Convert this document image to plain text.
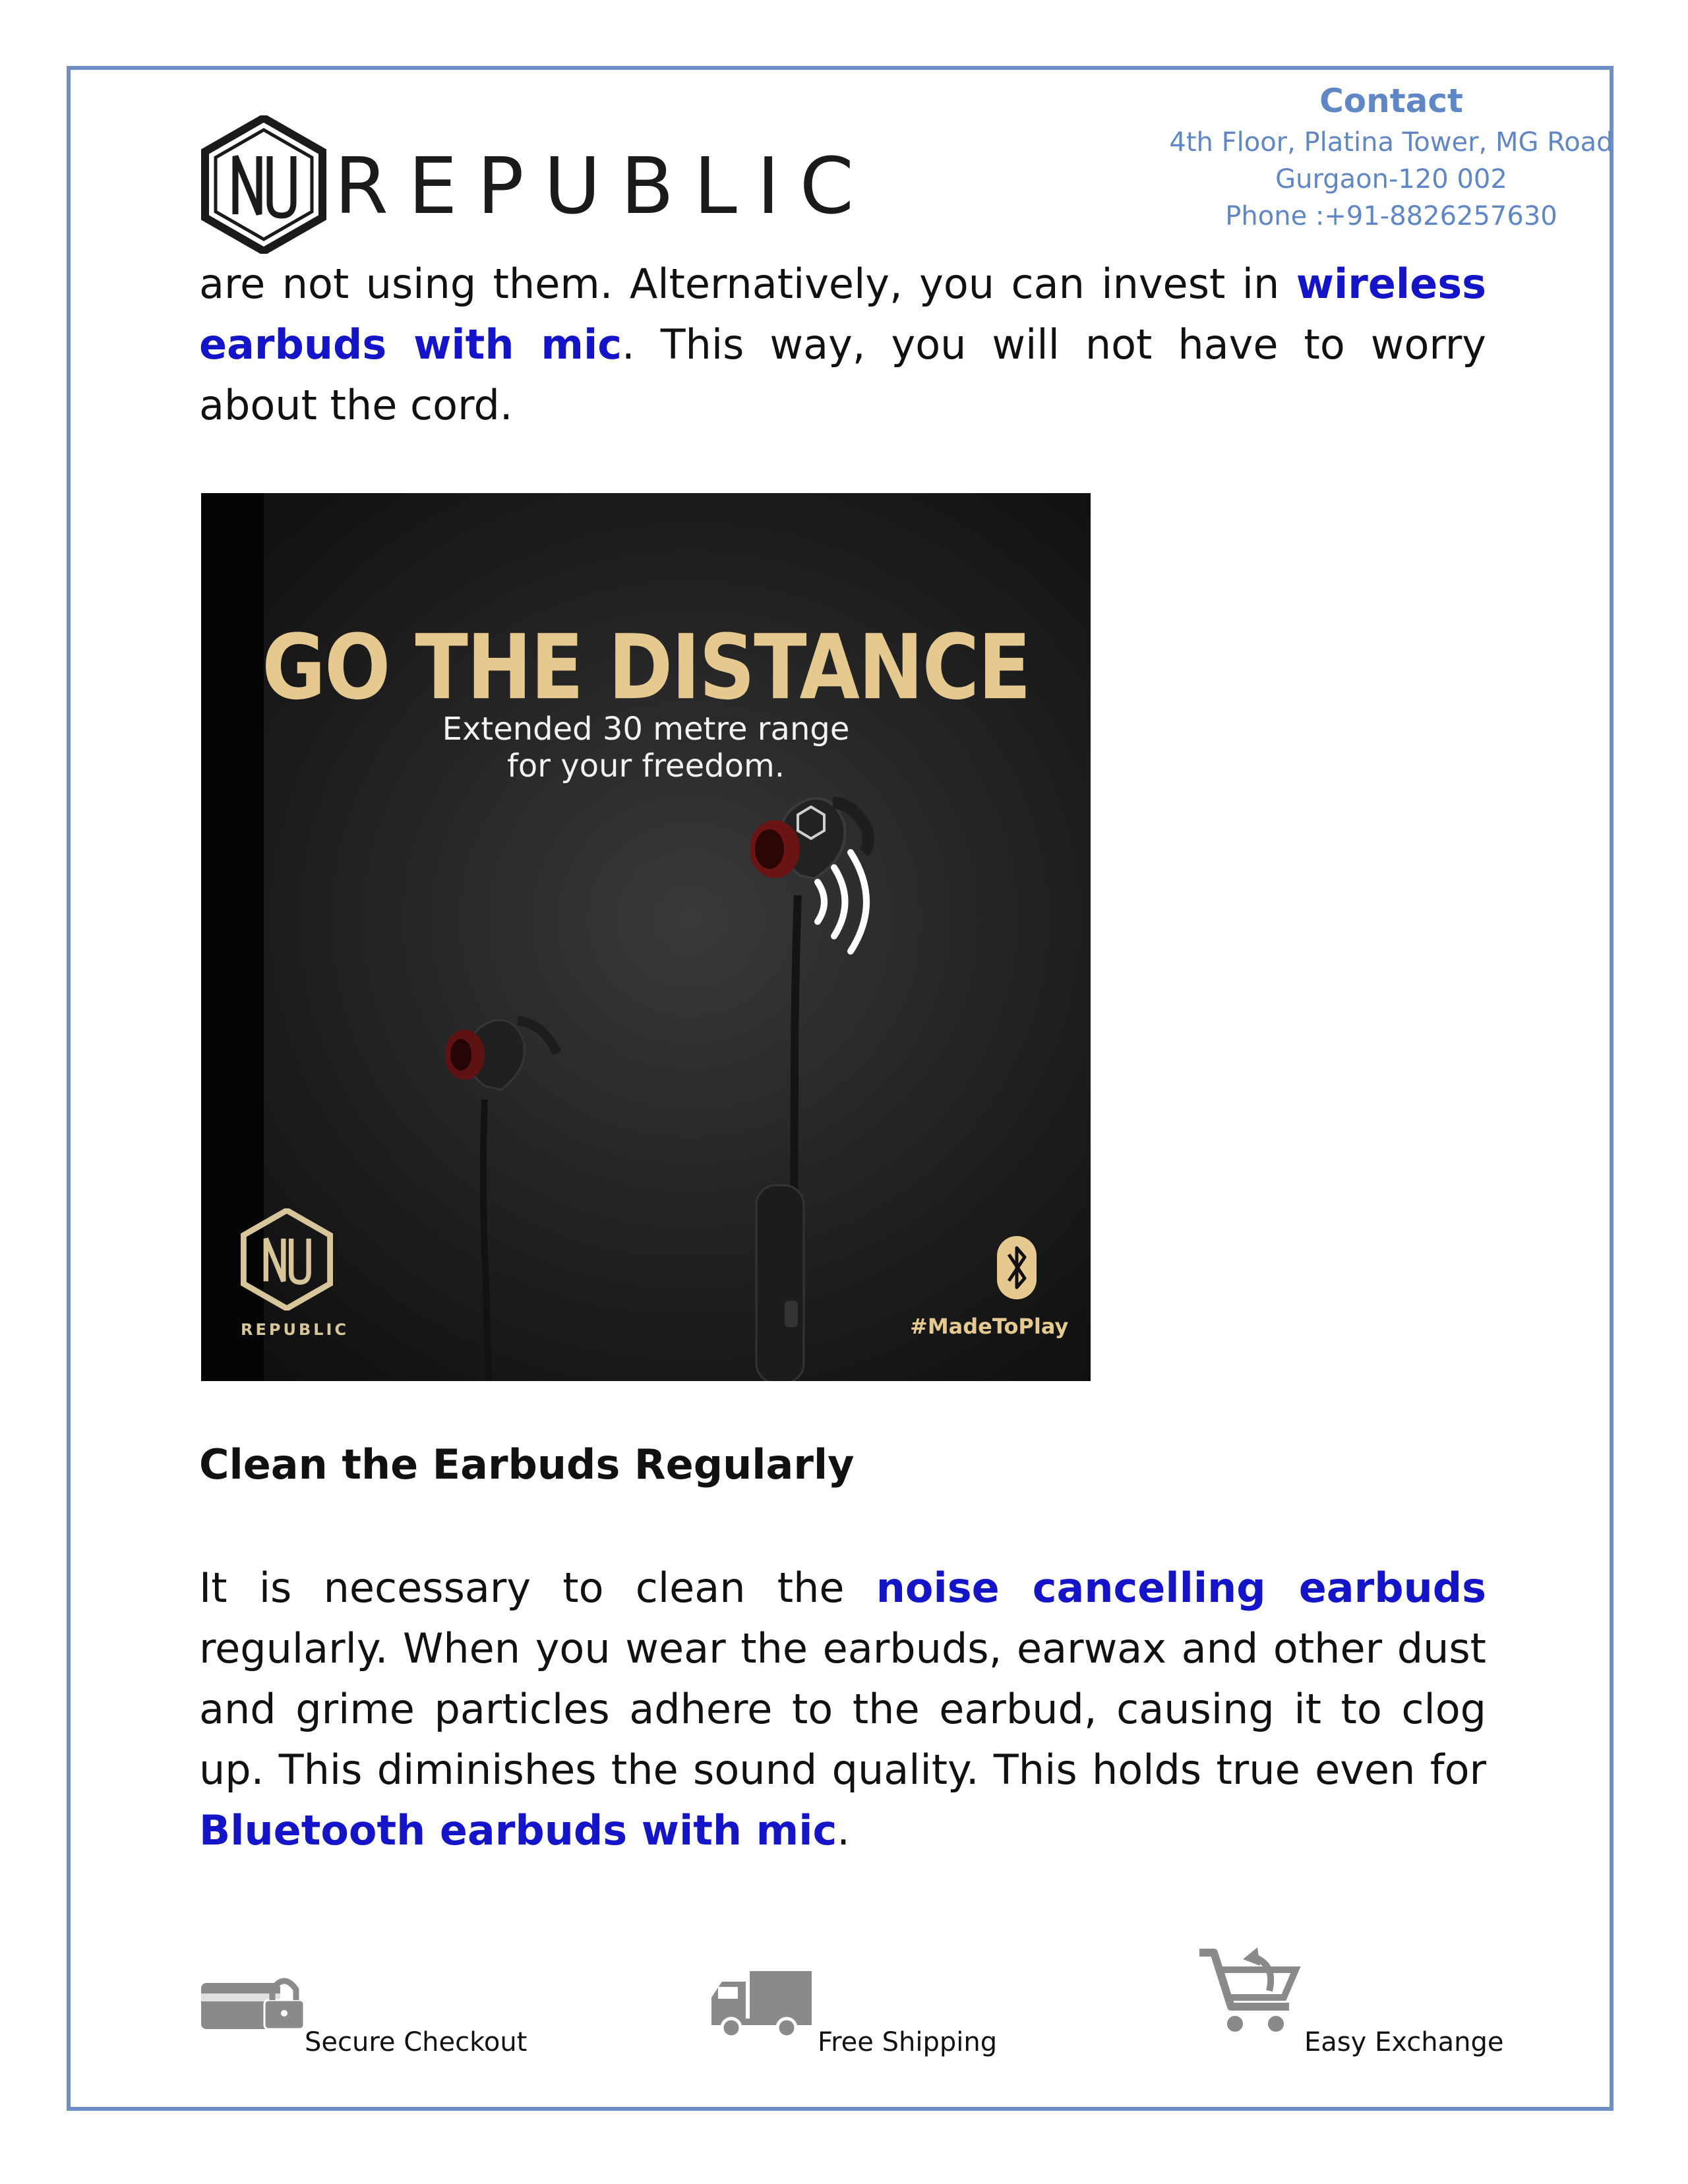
REPUBLIC
Contact
4th Floor, Platina Tower, MG Road
Gurgaon-120 002
Phone :+91-8826257630

are not using them. Alternatively, you can invest in wireless earbuds with mic. This way, you will not have to worry about the cord.

GO THE DISTANCE
Extended 30 metre range
for your freedom.
REPUBLIC	#MadeToPlay
Clean the Earbuds Regularly

It is necessary to clean the noise cancelling earbuds regularly. When you wear the earbuds, earwax and other dust and grime particles adhere to the earbud, causing it to clog up. This diminishes the sound quality. This holds true even for Bluetooth earbuds with mic.

Secure Checkout	Free Shipping	Easy Exchange
